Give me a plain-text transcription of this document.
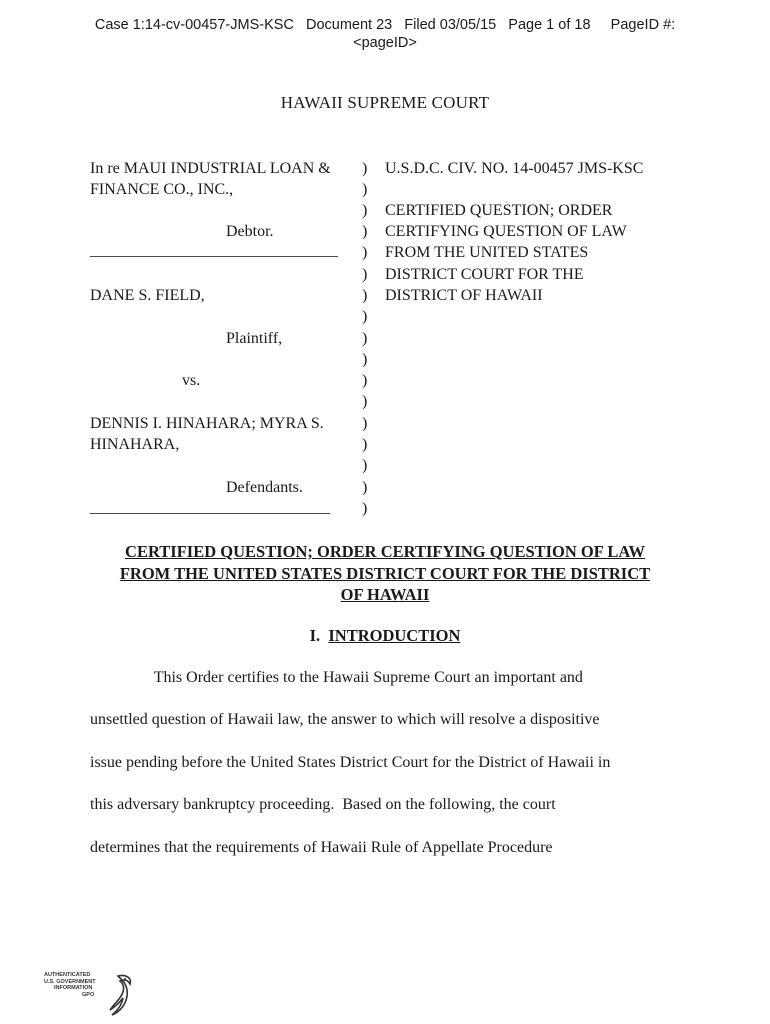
Case 1:14-cv-00457-JMS-KSC   Document 23   Filed 03/05/15   Page 1 of 18     PageID #:
<pageID>
HAWAII SUPREME COURT
In re MAUI INDUSTRIAL LOAN &
FINANCE CO., INC.,
Debtor.
_______________________________
DANE S. FIELD,
Plaintiff,
vs.
DENNIS I. HINAHARA; MYRA S.
HINAHARA,
Defendants.
______________________________
)
)
)
)
)
)
)
)
)
)
)
)
)
)
)
)
)
U.S.D.C. CIV. NO. 14-00457 JMS-KSC
CERTIFIED QUESTION; ORDER
CERTIFYING QUESTION OF LAW
FROM THE UNITED STATES
DISTRICT COURT FOR THE
DISTRICT OF HAWAII
CERTIFIED QUESTION; ORDER CERTIFYING QUESTION OF LAW
FROM THE UNITED STATES DISTRICT COURT FOR THE DISTRICT
OF HAWAII
I. INTRODUCTION
This Order certifies to the Hawaii Supreme Court an important and
unsettled question of Hawaii law, the answer to which will resolve a dispositive
issue pending before the United States District Court for the District of Hawaii in
this adversary bankruptcy proceeding.  Based on the following, the court
determines that the requirements of Hawaii Rule of Appellate Procedure
AUTHENTICATED
U.S. GOVERNMENT
INFORMATION
GPO
